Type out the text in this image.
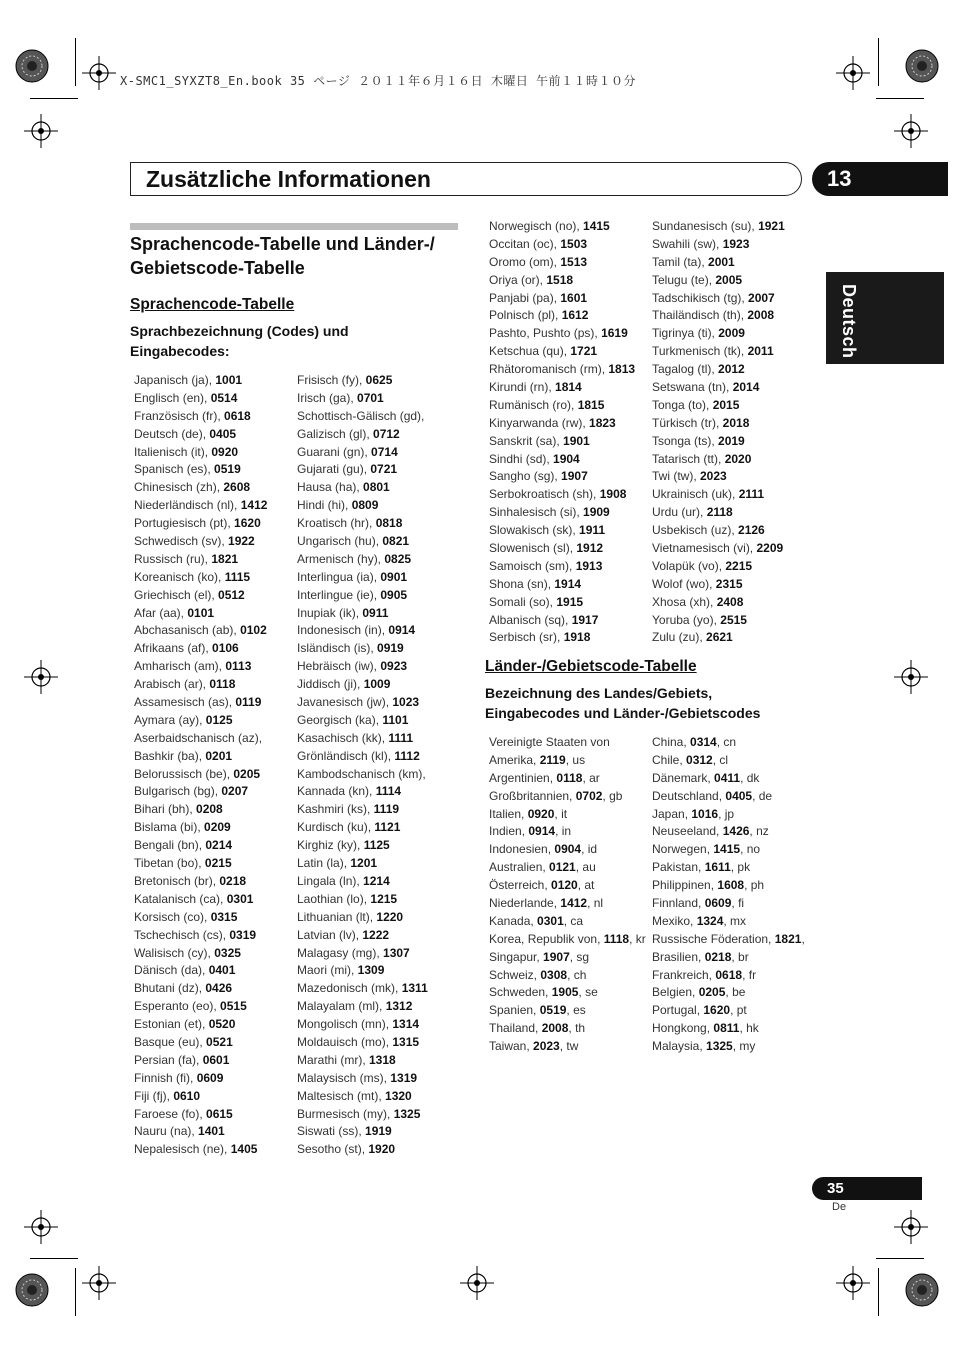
X-SMC1_SYXZT8_En.book 35 ページ ２０１１年６月１６日 木曜日 午前１１時１０分
Zusätzliche Informationen	13
Deutsch
Sprachencode-Tabelle und Länder-/ Gebietscode-Tabelle
Sprachencode-Tabelle
Sprachbezeichnung (Codes) und Eingabecodes:
Japanisch (ja), 1001
Englisch (en), 0514
Französisch (fr), 0618
Deutsch (de), 0405
Italienisch (it), 0920
Spanisch (es), 0519
Chinesisch (zh), 2608
Niederländisch (nl), 1412
Portugiesisch (pt), 1620
Schwedisch (sv), 1922
Russisch (ru), 1821
Koreanisch (ko), 1115
Griechisch (el), 0512
Afar (aa), 0101
Abchasanisch (ab), 0102
Afrikaans (af), 0106
Amharisch (am), 0113
Arabisch (ar), 0118
Assamesisch (as), 0119
Aymara (ay), 0125
Aserbaidschanisch (az),
Bashkir (ba), 0201
Belorussisch (be), 0205
Bulgarisch (bg), 0207
Bihari (bh), 0208
Bislama (bi), 0209
Bengali (bn), 0214
Tibetan (bo), 0215
Bretonisch (br), 0218
Katalanisch (ca), 0301
Korsisch (co), 0315
Tschechisch (cs), 0319
Walisisch (cy), 0325
Dänisch (da), 0401
Bhutani (dz), 0426
Esperanto (eo), 0515
Estonian (et), 0520
Basque (eu), 0521
Persian (fa), 0601
Finnish (fi), 0609
Fiji (fj), 0610
Faroese (fo), 0615
Nauru (na), 1401
Nepalesisch (ne), 1405
Frisisch (fy), 0625
Irisch (ga), 0701
Schottisch-Gälisch (gd),
Galizisch (gl), 0712
Guarani (gn), 0714
Gujarati (gu), 0721
Hausa (ha), 0801
Hindi (hi), 0809
Kroatisch (hr), 0818
Ungarisch (hu), 0821
Armenisch (hy), 0825
Interlingua (ia), 0901
Interlingue (ie), 0905
Inupiak (ik), 0911
Indonesisch (in), 0914
Isländisch (is), 0919
Hebräisch (iw), 0923
Jiddisch (ji), 1009
Javanesisch (jw), 1023
Georgisch (ka), 1101
Kasachisch (kk), 1111
Grönländisch (kl), 1112
Kambodschanisch (km),
Kannada (kn), 1114
Kashmiri (ks), 1119
Kurdisch (ku), 1121
Kirghiz (ky), 1125
Latin (la), 1201
Lingala (ln), 1214
Laothian (lo), 1215
Lithuanian (lt), 1220
Latvian (lv), 1222
Malagasy (mg), 1307
Maori (mi), 1309
Mazedonisch (mk), 1311
Malayalam (ml), 1312
Mongolisch (mn), 1314
Moldauisch (mo), 1315
Marathi (mr), 1318
Malaysisch (ms), 1319
Maltesisch (mt), 1320
Burmesisch (my), 1325
Siswati (ss), 1919
Sesotho (st), 1920
Norwegisch (no), 1415
Occitan (oc), 1503
Oromo (om), 1513
Oriya (or), 1518
Panjabi (pa), 1601
Polnisch (pl), 1612
Pashto, Pushto (ps), 1619
Ketschua (qu), 1721
Rhätoromanisch (rm), 1813
Kirundi (rn), 1814
Rumänisch (ro), 1815
Kinyarwanda (rw), 1823
Sanskrit (sa), 1901
Sindhi (sd), 1904
Sangho (sg), 1907
Serbokroatisch (sh), 1908
Sinhalesisch (si), 1909
Slowakisch (sk), 1911
Slowenisch (sl), 1912
Samoisch (sm), 1913
Shona (sn), 1914
Somali (so), 1915
Albanisch (sq), 1917
Serbisch (sr), 1918
Sundanesisch (su), 1921
Swahili (sw), 1923
Tamil (ta), 2001
Telugu (te), 2005
Tadschikisch (tg), 2007
Thailändisch (th), 2008
Tigrinya (ti), 2009
Turkmenisch (tk), 2011
Tagalog (tl), 2012
Setswana (tn), 2014
Tonga (to), 2015
Türkisch (tr), 2018
Tsonga (ts), 2019
Tatarisch (tt), 2020
Twi (tw), 2023
Ukrainisch (uk), 2111
Urdu (ur), 2118
Usbekisch (uz), 2126
Vietnamesisch (vi), 2209
Volapük (vo), 2215
Wolof (wo), 2315
Xhosa (xh), 2408
Yoruba (yo), 2515
Zulu (zu), 2621
Länder-/Gebietscode-Tabelle
Bezeichnung des Landes/Gebiets, Eingabecodes und Länder-/Gebietscodes
Vereinigte Staaten von
Amerika, 2119, us
Argentinien, 0118, ar
Großbritannien, 0702, gb
Italien, 0920, it
Indien, 0914, in
Indonesien, 0904, id
Australien, 0121, au
Österreich, 0120, at
Niederlande, 1412, nl
Kanada, 0301, ca
Korea, Republik von, 1118, kr
Singapur, 1907, sg
Schweiz, 0308, ch
Schweden, 1905, se
Spanien, 0519, es
Thailand, 2008, th
Taiwan, 2023, tw
China, 0314, cn
Chile, 0312, cl
Dänemark, 0411, dk
Deutschland, 0405, de
Japan, 1016, jp
Neuseeland, 1426, nz
Norwegen, 1415, no
Pakistan, 1611, pk
Philippinen, 1608, ph
Finnland, 0609, fi
Mexiko, 1324, mx
Russische Föderation, 1821,
Brasilien, 0218, br
Frankreich, 0618, fr
Belgien, 0205, be
Portugal, 1620, pt
Hongkong, 0811, hk
Malaysia, 1325, my
35
De
